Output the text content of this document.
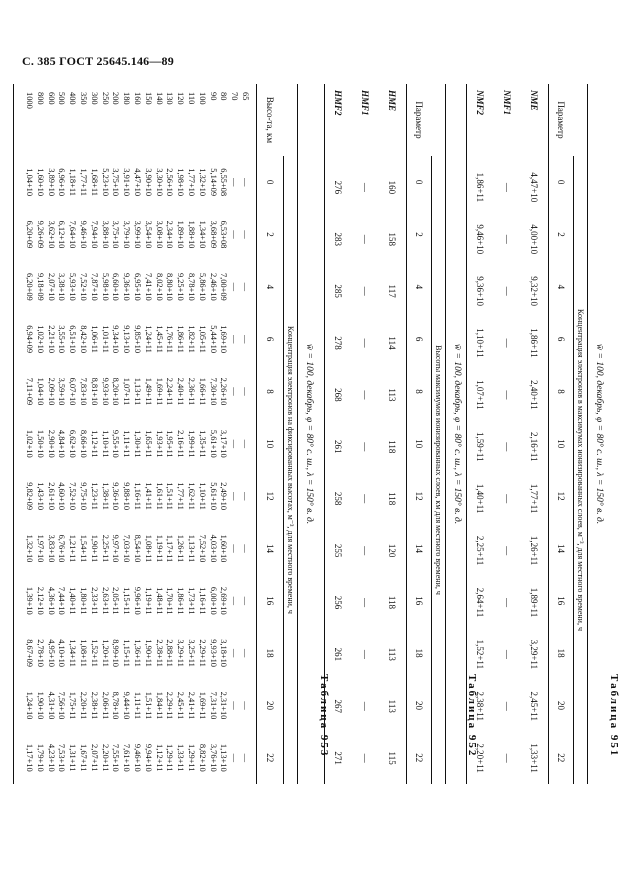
С. 385 ГОСТ 25645.146—89
Таблица 951
w̄ = 100, декабрь, φ = 80° с. ш., λ = 150° в. д.
Концентрация электронов в максимумах ионизированных слоев, м⁻³, для местного времени, ч
Параметр
0
2
4
6
8
10
12
14
16
18
20
22
NME
4,47+10
4,00+10
9,32+10
1,86+11
2,40+11
2,16+11
1,77+11
1,26+11
1,89+11
3,29+11
2,45+11
1,33+11
NMF1
—
—
—
—
—
—
—
—
—
—
—
—
NMF2
1,86+11
9,46+10
9,36+10
1,10+11
1,07+11
1,59+11
1,40+11
2,25+11
2,64+11
1,52+11
2,38+11
2,20+11
Таблица 952
w̄ = 100, декабрь, φ = 80° с. ш., λ = 150° в. д.
Высоты максимумов ионизированных слоев, км для местного времени, ч
Параметр
0
2
4
6
8
10
12
14
16
18
20
22
HME
160
158
117
114
113
118
118
120
118
113
113
115
HMF1
—
—
—
—
—
—
—
—
—
—
—
—
HMF2
276
283
285
278
268
261
258
255
256
261
267
271
Таблица 953
w̄ = 100, декабрь, φ = 80° с. ш., λ = 150° в. д.
Концентрация электронов на фиксированных высотах, м⁻³, для местного времени, ч
Высо-та, км
0
2
4
6
8
10
12
14
16
18
20
22
65
70
80
90
100
110
120
130
140
150
160
180
200
250
300
350
400
500
600
800
1000
—
—
6,55+08
5,14+09
1,32+10
1,77+10
1,98+10
2,56+10
3,30+10
3,90+10
4,47+10
3,91+10
3,75+10
5,23+10
1,68+11
1,77+11
1,18+11
6,96+10
3,89+10
1,60+10
1,04+10
—
—
6,53+08
3,68+09
1,34+10
1,88+10
1,89+10
2,34+10
3,08+10
3,54+10
3,99+10
3,79+10
3,75+10
3,88+10
7,94+10
9,46+10
7,64+10
6,12+10
3,62+10
9,26+09
6,20+09
—
—
7,00+09
2,46+10
5,86+10
8,78+10
9,25+10
8,80+10
8,02+10
7,41+10
6,95+10
9,36+10
6,60+10
5,98+10
7,87+10
7,52+10
5,93+10
3,38+10
2,07+10
9,18+09
6,20+09
—
—
1,69+10
5,44+10
1,05+11
1,82+11
1,86+11
1,76+11
1,45+11
1,24+11
9,85+10
9,13+10
9,34+10
1,01+11
1,06+11
8,42+10
6,51+10
3,55+10
2,21+10
1,02+10
6,94+09
—
—
2,26+10
7,30+10
1,66+11
2,36+11
2,40+11
2,24+11
1,69+11
1,49+11
1,13+11
1,07+11
8,20+10
9,93+10
8,81+10
7,83+10
6,07+10
3,59+10
2,09+10
1,04+10
7,11+09
—
—
3,17+10
5,61+10
1,35+11
1,99+11
2,16+11
1,95+11
1,93+11
1,65+11
1,30+11
1,11+11
9,55+10
1,10+11
1,12+11
8,66+10
6,62+10
4,84+10
2,90+10
1,50+10
1,02+10
—
—
2,49+10
5,61+10
1,10+11
1,62+11
1,77+11
1,51+11
1,61+11
1,41+11
1,16+11
9,88+10
9,36+10
1,38+11
1,23+11
9,75+10
7,52+10
4,60+10
2,61+10
1,43+10
9,82+09
—
—
1,60+10
4,03+10
7,52+10
1,13+11
1,26+11
1,17+11
1,19+11
1,08+11
8,54+10
7,03+10
9,97+10
2,25+11
1,90+11
1,54+11
1,21+11
6,76+10
3,83+10
1,97+10
1,32+10
—
—
2,69+10
6,00+10
1,16+11
1,73+11
1,86+11
1,70+11
1,48+11
1,19+11
9,96+10
1,15+11
2,05+11
2,63+11
2,33+11
1,80+11
1,40+11
7,44+10
4,36+10
2,12+10
1,39+10
—
—
3,18+10
9,93+10
2,29+11
3,25+11
3,29+11
2,88+11
2,38+11
1,90+11
1,36+11
1,15+11
8,99+10
1,20+11
1,52+11
1,08+11
1,34+11
4,10+10
4,95+10
2,78+10
8,67+09
—
—
2,31+10
7,31+10
1,69+11
2,41+11
2,45+11
2,29+11
1,84+11
1,51+11
1,11+11
9,44+10
8,78+10
2,06+11
2,38+11
2,20+11
1,75+11
7,56+10
4,31+10
1,90+10
1,24+10
—
—
1,13+10
3,76+10
8,82+10
1,29+11
1,33+11
1,29+11
1,12+11
9,94+10
9,46+10
7,61+10
7,55+10
2,20+11
2,07+11
1,67+11
1,31+11
7,53+10
4,23+10
1,79+10
1,17+10
